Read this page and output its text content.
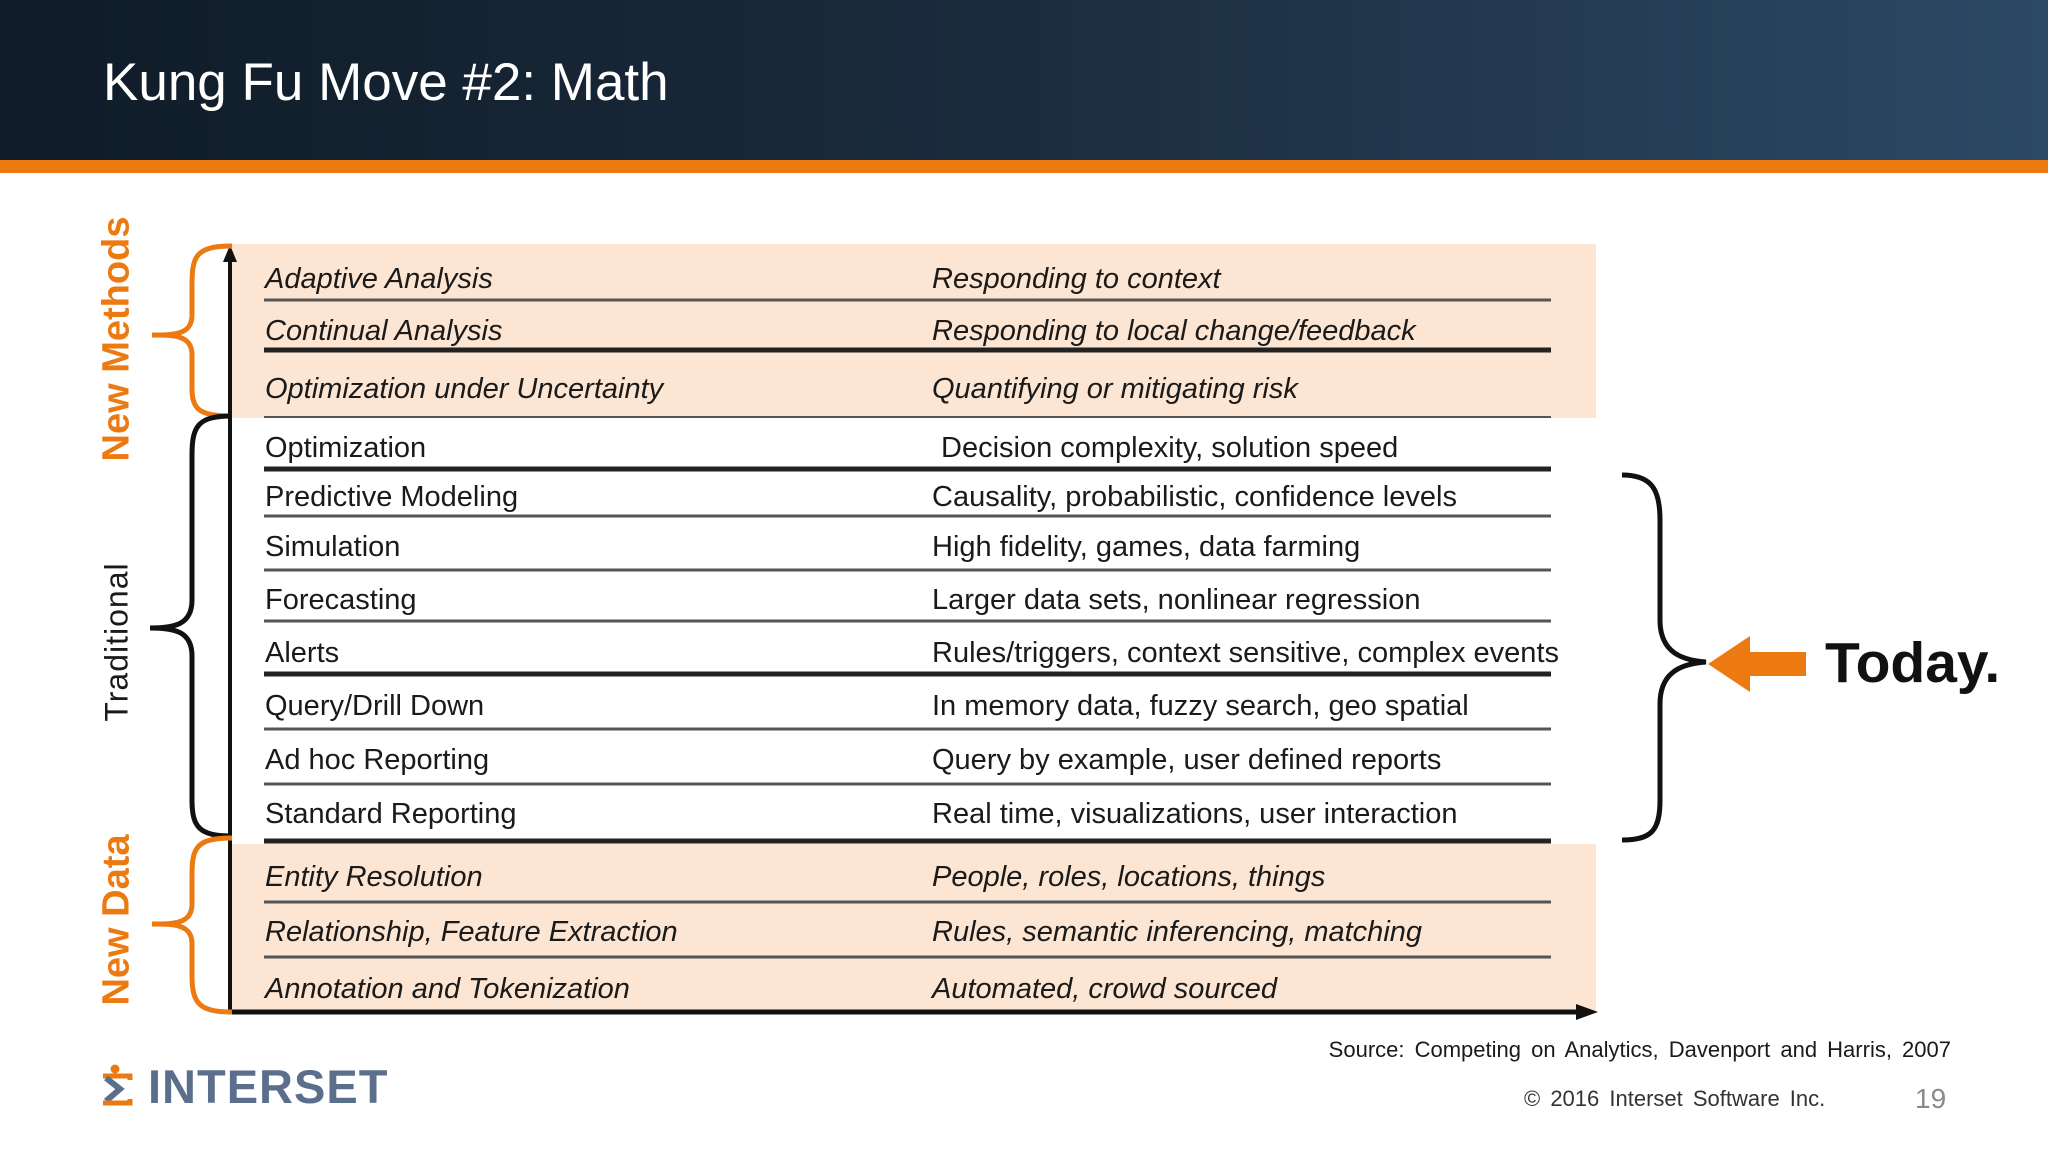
Kung Fu Move #2: Math
Adaptive Analysis	Responding to context
Continual Analysis	Responding to local change/feedback
Optimization under Uncertainty	Quantifying or mitigating risk
Optimization	Decision complexity, solution speed
Predictive Modeling	Causality, probabilistic, confidence levels
Simulation	High fidelity, games, data farming
Forecasting	Larger data sets, nonlinear regression
Alerts	Rules/triggers, context sensitive, complex events
Query/Drill Down	In memory data, fuzzy search, geo spatial
Ad hoc Reporting	Query by example, user defined reports
Standard Reporting	Real time, visualizations, user interaction
Entity Resolution	People, roles, locations, things
Relationship, Feature Extraction	Rules, semantic inferencing, matching
Annotation and Tokenization	Automated, crowd sourced
New Methods
Traditional
New Data
Today.
Source: Competing on Analytics, Davenport and Harris, 2007
INTERSET	© 2016 Interset Software Inc.	19
